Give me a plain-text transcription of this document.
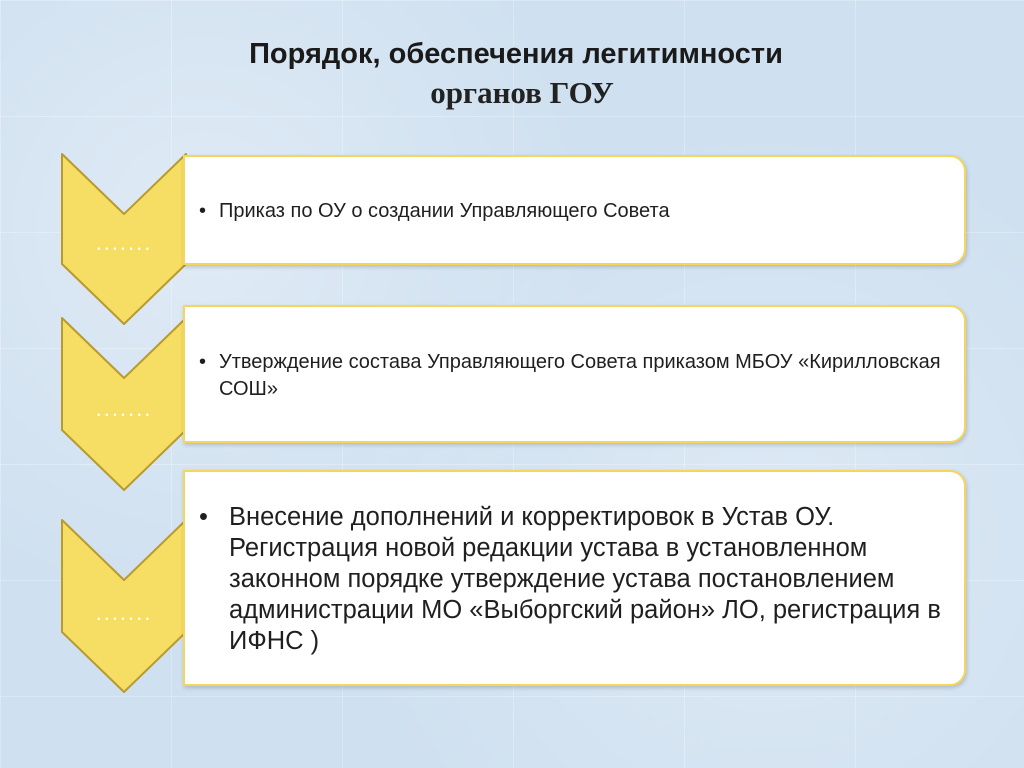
Порядок, обеспечения легитимности
органов ГОУ
.......
• Приказ по ОУ о создании Управляющего Совета
.......
• Утверждение состава Управляющего Совета приказом МБОУ «Кирилловская СОШ»
.......
• Внесение дополнений и корректировок в Устав ОУ. Регистрация новой редакции устава в установленном законном порядке утверждение устава постановлением администрации МО «Выборгский район» ЛО, регистрация в ИФНС )
